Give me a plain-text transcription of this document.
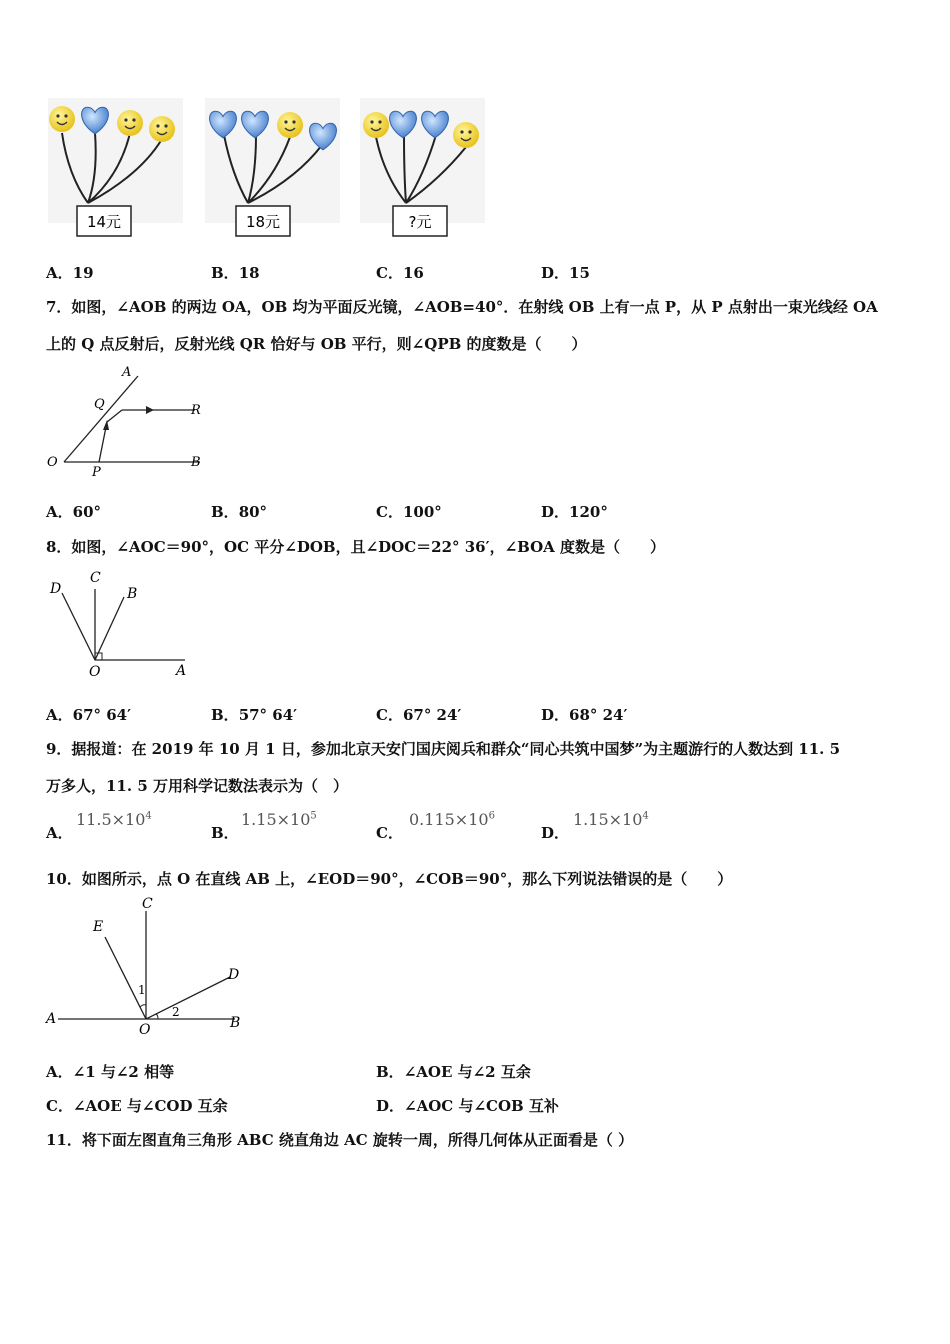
14元	18元	?元
A．19	B．18	C．16	D．15
7．如图，∠AOB 的两边 OA，OB 均为平面反光镜，∠AOB=40°．在射线 OB 上有一点 P，从 P 点射出一束光线经 OA
上的 Q 点反射后，反射光线 QR 恰好与 OB 平行，则∠QPB 的度数是（　　）
A
Q	R
O
P
B
A．60°	B．80°	C．100°	D．120°
8．如图，∠AOC＝90°，OC 平分∠DOB，且∠DOC＝22° 36′，∠BOA 度数是（　　）
D
C
B
O	A
A．67° 64′	B．57° 64′	C．67° 24′	D．68° 24′
9．据报道：在 2019 年 10 月 1 日，参加北京天安门国庆阅兵和群众“同心共筑中国梦”为主题游行的人数达到 11. 5
万多人，11. 5 万用科学记数法表示为（　）
A．
$11.5\times 10^4$
B．
$1.15\times 10^5$
C．
$0.115\times 10^6$
D．
$1.15\times 10^4$
10．如图所示，点 O 在直线 AB 上，∠EOD＝90°，∠COB＝90°，那么下列说法错误的是（　　）
C
E
D
1
2
A
O	B
A．∠1 与∠2 相等	B．∠AOE 与∠2 互余
C．∠AOE 与∠COD 互余	D．∠AOC 与∠COB 互补
11．将下面左图直角三角形 ABC 绕直角边 AC 旋转一周，所得几何体从正面看是（ ）
